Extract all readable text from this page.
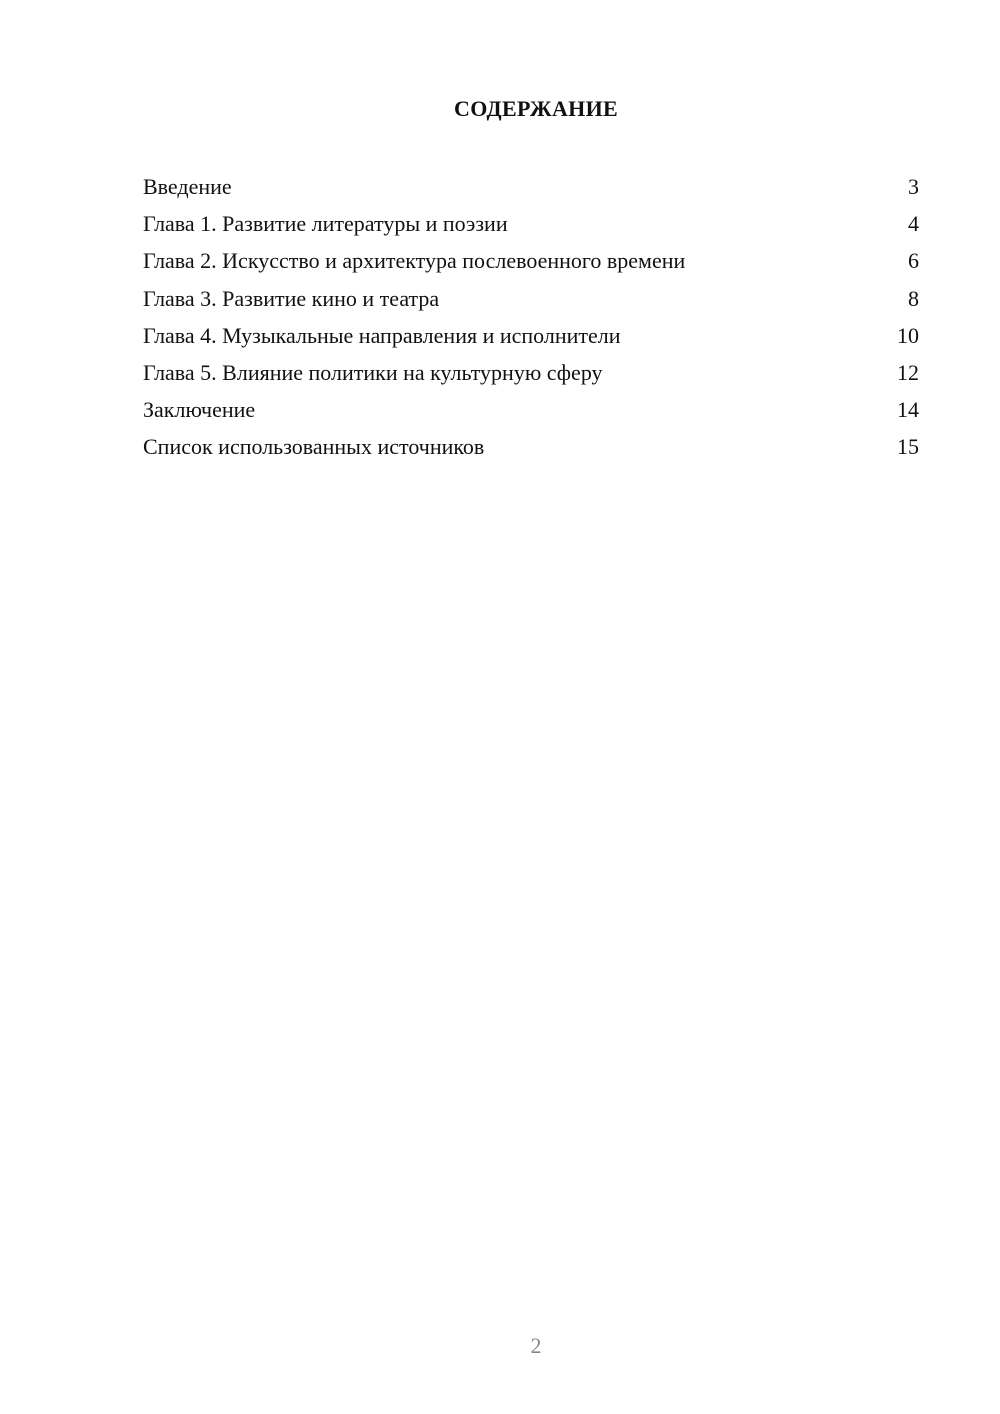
СОДЕРЖАНИЕ
Введение	3
Глава 1. Развитие литературы и поэзии	4
Глава 2. Искусство и архитектура послевоенного времени	6
Глава 3. Развитие кино и театра	8
Глава 4. Музыкальные направления и исполнители	10
Глава 5. Влияние политики на культурную сферу	12
Заключение	14
Список использованных источников	15
2
